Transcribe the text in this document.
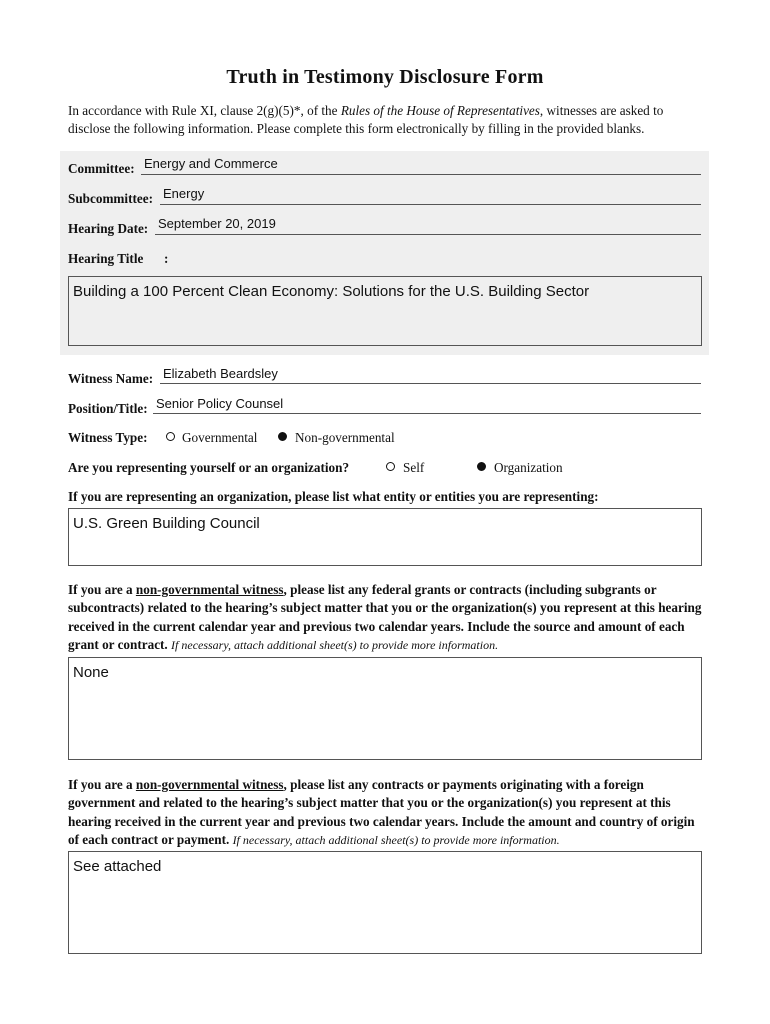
Truth in Testimony Disclosure Form
In accordance with Rule XI, clause 2(g)(5)*, of the Rules of the House of Representatives, witnesses are asked to disclose the following information. Please complete this form electronically by filling in the provided blanks.
Committee: Energy and Commerce
Subcommittee: Energy
Hearing Date: September 20, 2019
Hearing Title :
Building a 100 Percent Clean Economy: Solutions for the U.S. Building Sector
Witness Name: Elizabeth Beardsley
Position/Title: Senior Policy Counsel
Witness Type:	Governmental	Non-governmental
Are you representing yourself or an organization?	Self	Organization
If you are representing an organization, please list what entity or entities you are representing:
U.S. Green Building Council
If you are a non-governmental witness, please list any federal grants or contracts (including subgrants or subcontracts) related to the hearing’s subject matter that you or the organization(s) you represent at this hearing received in the current calendar year and previous two calendar years. Include the source and amount of each grant or contract. If necessary, attach additional sheet(s) to provide more information.
None
If you are a non-governmental witness, please list any contracts or payments originating with a foreign government and related to the hearing’s subject matter that you or the organization(s) you represent at this hearing received in the current year and previous two calendar years. Include the amount and country of origin of each contract or payment. If necessary, attach additional sheet(s) to provide more information.
See attached
